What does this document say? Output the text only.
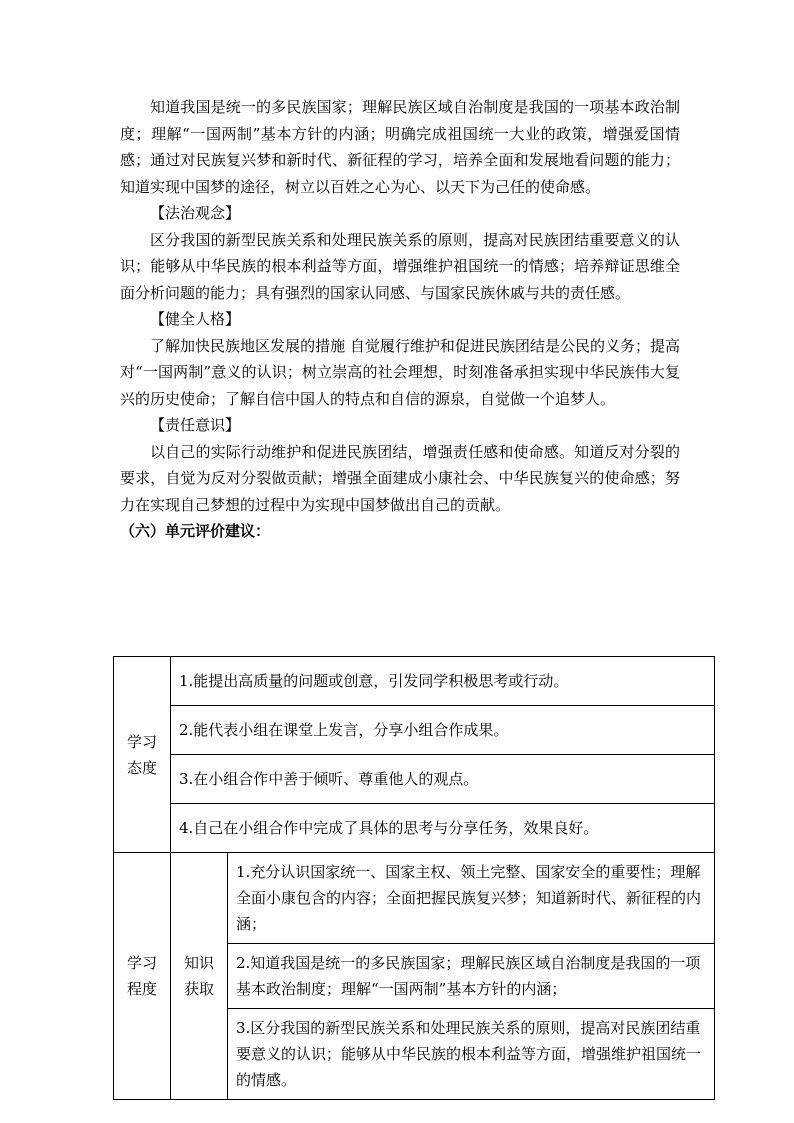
知道我国是统一的多民族国家；理解民族区域自治制度是我国的一项基本政治制度；理解“一国两制”基本方针的内涵；明确完成祖国统一大业的政策，增强爱国情感；通过对民族复兴梦和新时代、新征程的学习，培养全面和发展地看问题的能力；知道实现中国梦的途径，树立以百姓之心为心、以天下为己任的使命感。

【法治观念】

区分我国的新型民族关系和处理民族关系的原则，提高对民族团结重要意义的认识；能够从中华民族的根本利益等方面，增强维护祖国统一的情感；培养辩证思维全面分析问题的能力；具有强烈的国家认同感、与国家民族休戚与共的责任感。

【健全人格】

了解加快民族地区发展的措施 自觉履行维护和促进民族团结是公民的义务；提高对“一国两制”意义的认识；树立崇高的社会理想，时刻准备承担实现中华民族伟大复兴的历史使命；了解自信中国人的特点和自信的源泉，自觉做一个追梦人。

【责任意识】

以自己的实际行动维护和促进民族团结，增强责任感和使命感。知道反对分裂的要求，自觉为反对分裂做贡献；增强全面建成小康社会、中华民族复兴的使命感；努力在实现自己梦想的过程中为实现中国梦做出自己的贡献。

（六）单元评价建议：

学习态度	1.能提出高质量的问题或创意，引发同学积极思考或行动。	
	2.能代表小组在课堂上发言，分享小组合作成果。	
	3.在小组合作中善于倾听、尊重他人的观点。	
	4.自己在小组合作中完成了具体的思考与分享任务，效果良好。	
学习程度	知识获取	1.充分认识国家统一、国家主权、领土完整、国家安全的重要性；理解全面小康包含的内容；全面把握民族复兴梦；知道新时代、新征程的内涵；
		2.知道我国是统一的多民族国家；理解民族区域自治制度是我国的一项基本政治制度；理解“一国两制”基本方针的内涵；
		3.区分我国的新型民族关系和处理民族关系的原则，提高对民族团结重要意义的认识；能够从中华民族的根本利益等方面，增强维护祖国统一的情感。
